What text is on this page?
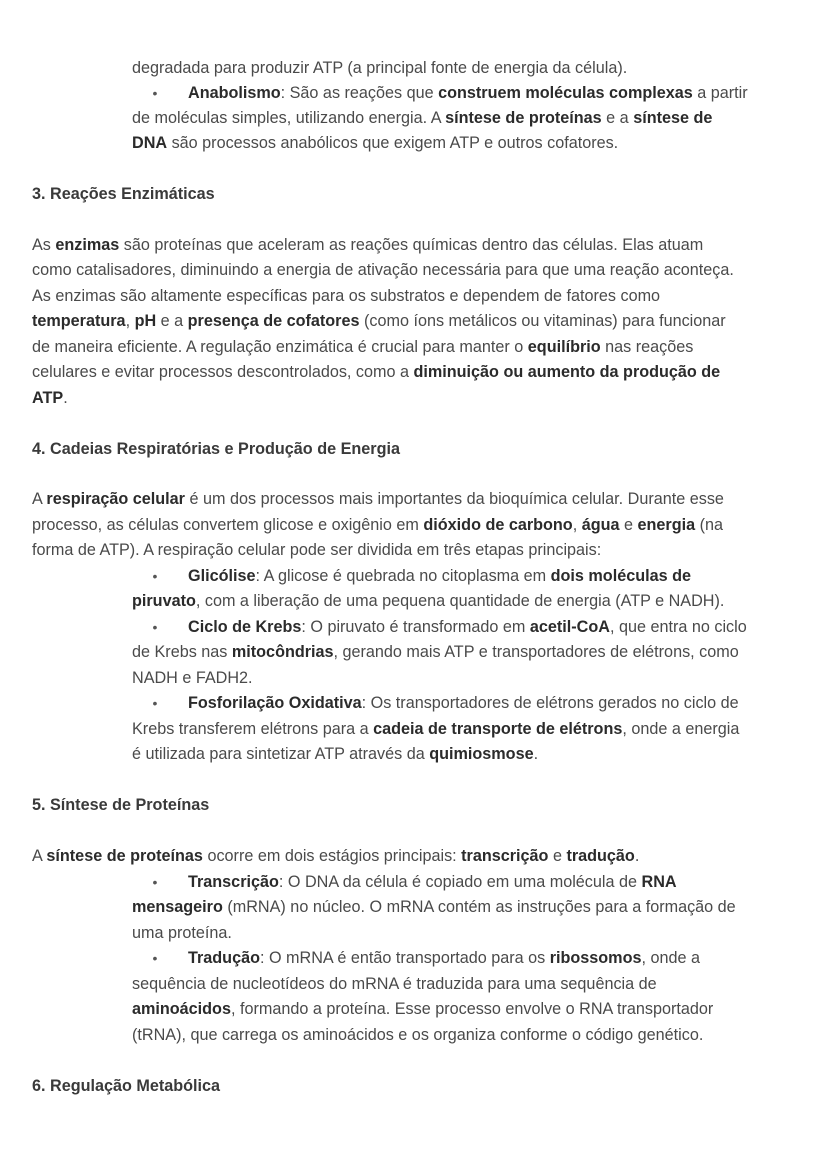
degradada para produzir ATP (a principal fonte de energia da célula).
• Anabolismo: São as reações que construem moléculas complexas a partir
de moléculas simples, utilizando energia. A síntese de proteínas e a síntese de
DNA são processos anabólicos que exigem ATP e outros cofatores.
3. Reações Enzimáticas
As enzimas são proteínas que aceleram as reações químicas dentro das células. Elas atuam
como catalisadores, diminuindo a energia de ativação necessária para que uma reação aconteça.
As enzimas são altamente específicas para os substratos e dependem de fatores como
temperatura, pH e a presença de cofatores (como íons metálicos ou vitaminas) para funcionar
de maneira eficiente. A regulação enzimática é crucial para manter o equilíbrio nas reações
celulares e evitar processos descontrolados, como a diminuição ou aumento da produção de
ATP.
4. Cadeias Respiratórias e Produção de Energia
A respiração celular é um dos processos mais importantes da bioquímica celular. Durante esse
processo, as células convertem glicose e oxigênio em dióxido de carbono, água e energia (na
forma de ATP). A respiração celular pode ser dividida em três etapas principais:
• Glicólise: A glicose é quebrada no citoplasma em dois moléculas de
piruvato, com a liberação de uma pequena quantidade de energia (ATP e NADH).
• Ciclo de Krebs: O piruvato é transformado em acetil-CoA, que entra no ciclo
de Krebs nas mitocôndrias, gerando mais ATP e transportadores de elétrons, como
NADH e FADH2.
• Fosforilação Oxidativa: Os transportadores de elétrons gerados no ciclo de
Krebs transferem elétrons para a cadeia de transporte de elétrons, onde a energia
é utilizada para sintetizar ATP através da quimiosmose.
5. Síntese de Proteínas
A síntese de proteínas ocorre em dois estágios principais: transcrição e tradução.
• Transcrição: O DNA da célula é copiado em uma molécula de RNA
mensageiro (mRNA) no núcleo. O mRNA contém as instruções para a formação de
uma proteína.
• Tradução: O mRNA é então transportado para os ribossomos, onde a
sequência de nucleotídeos do mRNA é traduzida para uma sequência de
aminoácidos, formando a proteína. Esse processo envolve o RNA transportador
(tRNA), que carrega os aminoácidos e os organiza conforme o código genético.
6. Regulação Metabólica
